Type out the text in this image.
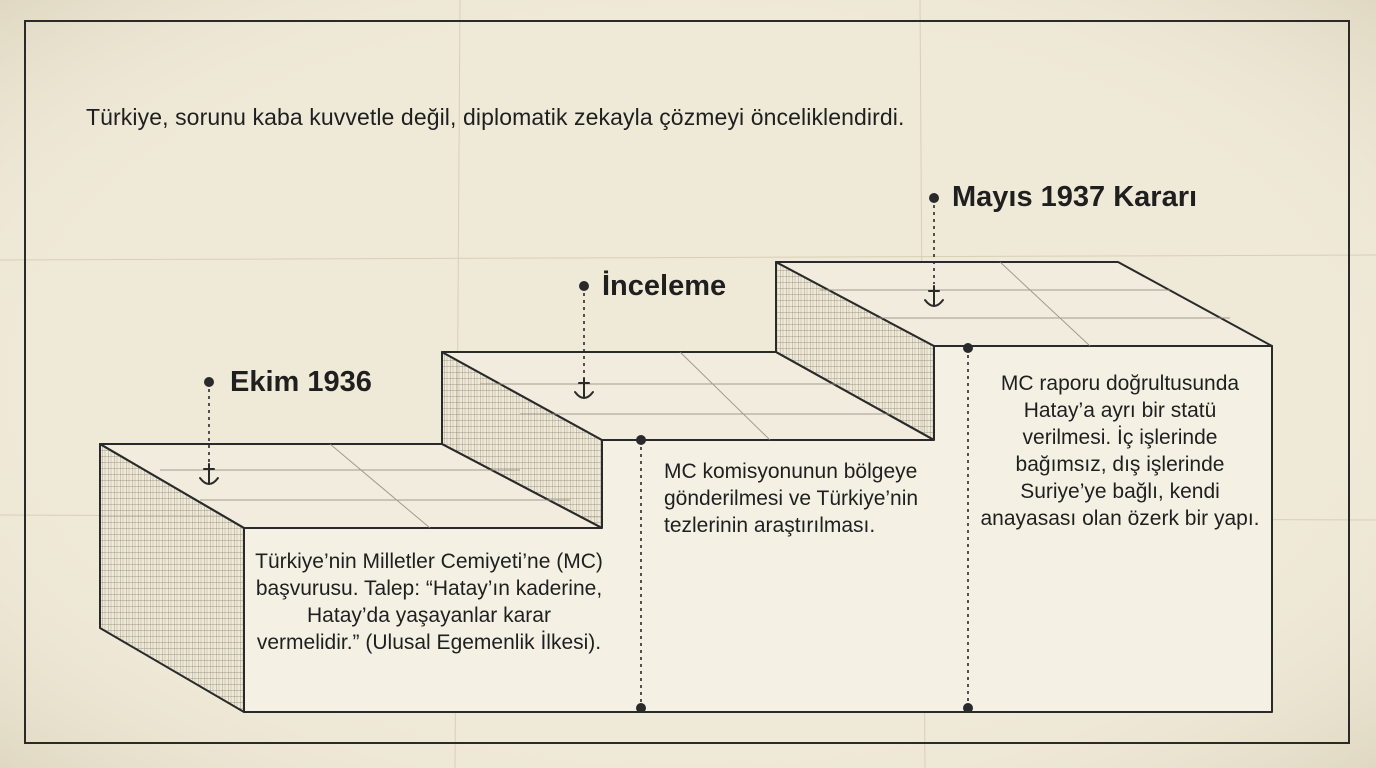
Türkiye, sorunu kaba kuvvetle değil, diplomatik zekayla çözmeyi önceliklendirdi.
Ekim 1936
İnceleme
Mayıs 1937 Kararı
Türkiye’nin Milletler Cemiyeti’ne (MC) başvurusu. Talep: “Hatay’ın kaderine, Hatay’da yaşayanlar karar vermelidir.” (Ulusal Egemenlik İlkesi).
MC komisyonunun bölgeye gönderilmesi ve Türkiye’nin tezlerinin araştırılması.
MC raporu doğrultusunda Hatay’a ayrı bir statü verilmesi. İç işlerinde bağımsız, dış işlerinde Suriye’ye bağlı, kendi anayasası olan özerk bir yapı.
